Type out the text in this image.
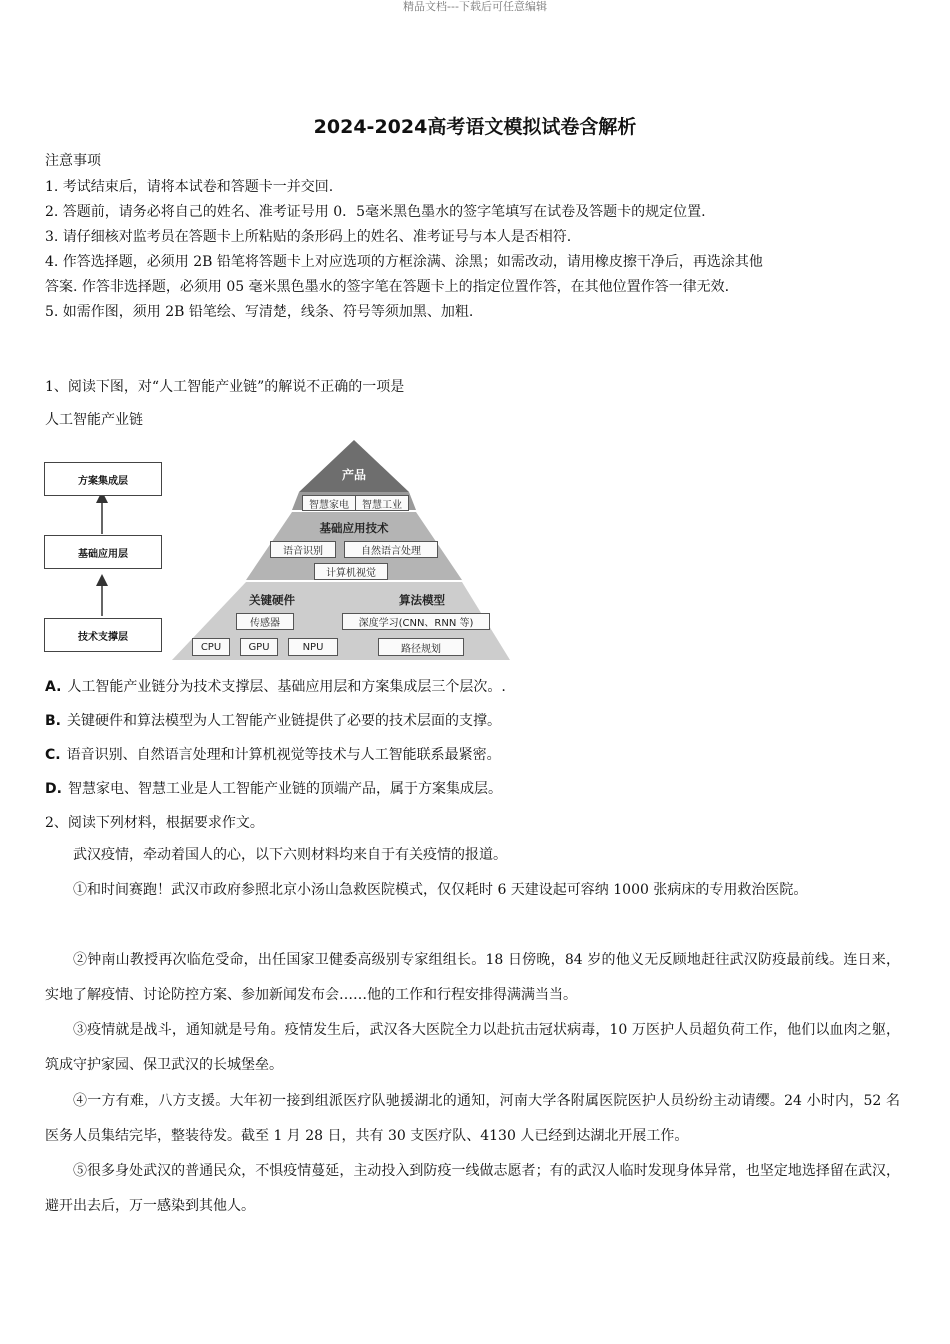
精品文档---下载后可任意编辑
2024-2024高考语文模拟试卷含解析
注意事项
1. 考试结束后，请将本试卷和答题卡一并交回.
2. 答题前，请务必将自己的姓名、准考证号用 0．5毫米黑色墨水的签字笔填写在试卷及答题卡的规定位置.
3. 请仔细核对监考员在答题卡上所粘贴的条形码上的姓名、准考证号与本人是否相符.
4. 作答选择题，必须用 2B 铅笔将答题卡上对应选项的方框涂满、涂黑；如需改动，请用橡皮擦干净后，再选涂其他
答案. 作答非选择题，必须用 05 毫米黑色墨水的签字笔在答题卡上的指定位置作答，在其他位置作答一律无效.
5. 如需作图，须用 2B 铅笔绘、写清楚，线条、符号等须加黑、加粗.
1、阅读下图，对“人工智能产业链”的解说不正确的一项是
人工智能产业链
方案集成层
基础应用层
技术支撑层
产品
智慧家电	智慧工业
基础应用技术
语音识别	自然语言处理
计算机视觉
关键硬件	算法模型
传感器	深度学习(CNN、RNN 等)
CPU	GPU	NPU	路径规划
A. 人工智能产业链分为技术支撑层、基础应用层和方案集成层三个层次。.
B. 关键硬件和算法模型为人工智能产业链提供了必要的技术层面的支撑。
C. 语音识别、自然语言处理和计算机视觉等技术与人工智能联系最紧密。
D. 智慧家电、智慧工业是人工智能产业链的顶端产品，属于方案集成层。
2、阅读下列材料，根据要求作文。
武汉疫情，牵动着国人的心，以下六则材料均来自于有关疫情的报道。
①和时间赛跑！武汉市政府参照北京小汤山急救医院模式，仅仅耗时 6 天建设起可容纳 1000 张病床的专用救治医院。
②钟南山教授再次临危受命，出任国家卫健委高级别专家组组长。18 日傍晚，84 岁的他义无反顾地赶往武汉防疫最前线。连日来，实地了解疫情、讨论防控方案、参加新闻发布会……他的工作和行程安排得满满当当。
③疫情就是战斗，通知就是号角。疫情发生后，武汉各大医院全力以赴抗击冠状病毒，10 万医护人员超负荷工作，他们以血肉之躯，筑成守护家园、保卫武汉的长城堡垒。
④一方有难，八方支援。大年初一接到组派医疗队驰援湖北的通知，河南大学各附属医院医护人员纷纷主动请缨。24 小时内，52 名医务人员集结完毕，整装待发。截至 1 月 28 日，共有 30 支医疗队、4130 人已经到达湖北开展工作。
⑤很多身处武汉的普通民众，不惧疫情蔓延，主动投入到防疫一线做志愿者；有的武汉人临时发现身体异常，也坚定地选择留在武汉，避开出去后，万一感染到其他人。
